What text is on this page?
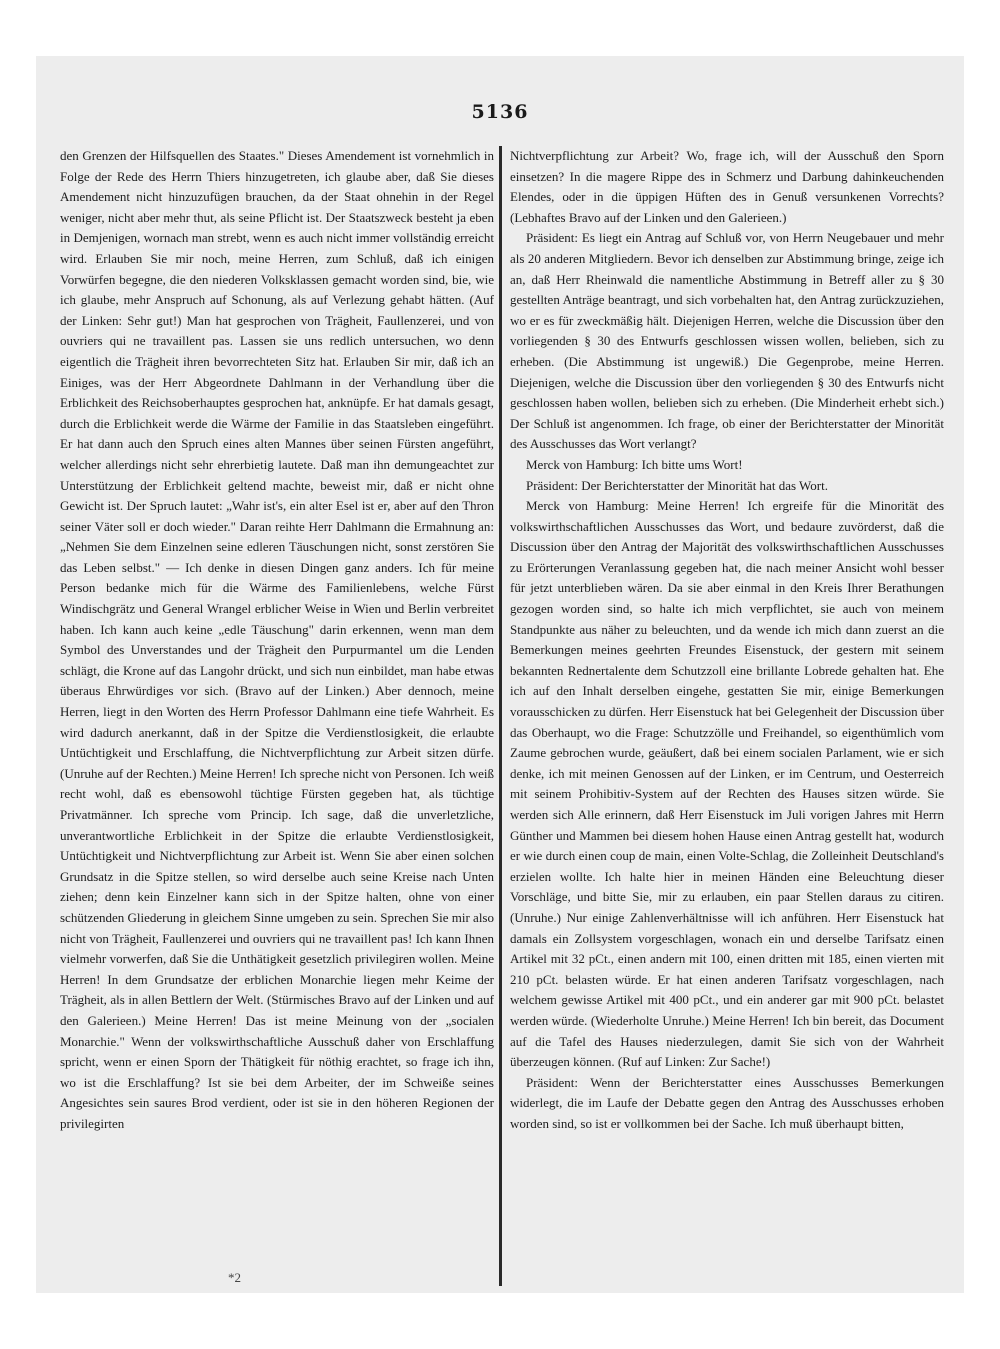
5136

den Grenzen der Hilfsquellen des Staates." Dieses Amendement ist vornehmlich in Folge der Rede des Herrn Thiers hinzugetreten, ich glaube aber, daß Sie dieses Amendement nicht hinzuzufügen brauchen, da der Staat ohnehin in der Regel weniger, nicht aber mehr thut, als seine Pflicht ist. Der Staatszweck besteht ja eben in Demjenigen, wornach man strebt, wenn es auch nicht immer vollständig erreicht wird. Erlauben Sie mir noch, meine Herren, zum Schluß, daß ich einigen Vorwürfen begegne, die den niederen Volksklassen gemacht worden sind, bie, wie ich glaube, mehr Anspruch auf Schonung, als auf Verlezung gehabt hätten. (Auf der Linken: Sehr gut!) Man hat gesprochen von Trägheit, Faullenzerei, und von ouvriers qui ne travaillent pas. Lassen sie uns redlich untersuchen, wo denn eigentlich die Trägheit ihren bevorrechteten Sitz hat. Erlauben Sir mir, daß ich an Einiges, was der Herr Abgeordnete Dahlmann in der Verhandlung über die Erblichkeit des Reichsoberhauptes gesprochen hat, anknüpfe. Er hat damals gesagt, durch die Erblichkeit werde die Wärme der Familie in das Staatsleben eingeführt. Er hat dann auch den Spruch eines alten Mannes über seinen Fürsten angeführt, welcher allerdings nicht sehr ehrerbietig lautete. Daß man ihn demungeachtet zur Unterstützung der Erblichkeit geltend machte, beweist mir, daß er nicht ohne Gewicht ist. Der Spruch lautet: „Wahr ist's, ein alter Esel ist er, aber auf den Thron seiner Väter soll er doch wieder." Daran reihte Herr Dahlmann die Ermahnung an: „Nehmen Sie dem Einzelnen seine edleren Täuschungen nicht, sonst zerstören Sie das Leben selbst." — Ich denke in diesen Dingen ganz anders. Ich für meine Person bedanke mich für die Wärme des Familienlebens, welche Fürst Windischgrätz und General Wrangel erblicher Weise in Wien und Berlin verbreitet haben. Ich kann auch keine „edle Täuschung" darin erkennen, wenn man dem Symbol des Unverstandes und der Trägheit den Purpurmantel um die Lenden schlägt, die Krone auf das Langohr drückt, und sich nun einbildet, man habe etwas überaus Ehrwürdiges vor sich. (Bravo auf der Linken.) Aber dennoch, meine Herren, liegt in den Worten des Herrn Professor Dahlmann eine tiefe Wahrheit. Es wird dadurch anerkannt, daß in der Spitze die Verdienstlosigkeit, die erlaubte Untüchtigkeit und Erschlaffung, die Nichtverpflichtung zur Arbeit sitzen dürfe. (Unruhe auf der Rechten.) Meine Herren! Ich spreche nicht von Personen. Ich weiß recht wohl, daß es ebensowohl tüchtige Fürsten gegeben hat, als tüchtige Privatmänner. Ich spreche vom Princip. Ich sage, daß die unverletzliche, unverantwortliche Erblichkeit in der Spitze die erlaubte Verdienstlosigkeit, Untüchtigkeit und Nichtverpflichtung zur Arbeit ist. Wenn Sie aber einen solchen Grundsatz in die Spitze stellen, so wird derselbe auch seine Kreise nach Unten ziehen; denn kein Einzelner kann sich in der Spitze halten, ohne von einer schützenden Gliederung in gleichem Sinne umgeben zu sein. Sprechen Sie mir also nicht von Trägheit, Faullenzerei und ouvriers qui ne travaillent pas! Ich kann Ihnen vielmehr vorwerfen, daß Sie die Unthätigkeit gesetzlich privilegiren wollen. Meine Herren! In dem Grundsatze der erblichen Monarchie liegen mehr Keime der Trägheit, als in allen Bettlern der Welt. (Stürmisches Bravo auf der Linken und auf den Galerieen.) Meine Herren! Das ist meine Meinung von der „socialen Monarchie." Wenn der volkswirthschaftliche Ausschuß daher von Erschlaffung spricht, wenn er einen Sporn der Thätigkeit für nöthig erachtet, so frage ich ihn, wo ist die Erschlaffung? Ist sie bei dem Arbeiter, der im Schweiße seines Angesichtes sein saures Brod verdient, oder ist sie in den höheren Regionen der privilegirten

Nichtverpflichtung zur Arbeit? Wo, frage ich, will der Ausschuß den Sporn einsetzen? In die magere Rippe des in Schmerz und Darbung dahinkeuchenden Elendes, oder in die üppigen Hüften des in Genuß versunkenen Vorrechts? (Lebhaftes Bravo auf der Linken und den Galerieen.)

Präsident: Es liegt ein Antrag auf Schluß vor, von Herrn Neugebauer und mehr als 20 anderen Mitgliedern. Bevor ich denselben zur Abstimmung bringe, zeige ich an, daß Herr Rheinwald die namentliche Abstimmung in Betreff aller zu § 30 gestellten Anträge beantragt, und sich vorbehalten hat, den Antrag zurückzuziehen, wo er es für zweckmäßig hält. Diejenigen Herren, welche die Discussion über den vorliegenden § 30 des Entwurfs geschlossen wissen wollen, belieben, sich zu erheben. (Die Abstimmung ist ungewiß.) Die Gegenprobe, meine Herren. Diejenigen, welche die Discussion über den vorliegenden § 30 des Entwurfs nicht geschlossen haben wollen, belieben sich zu erheben. (Die Minderheit erhebt sich.) Der Schluß ist angenommen. Ich frage, ob einer der Berichterstatter der Minorität des Ausschusses das Wort verlangt?

Merck von Hamburg: Ich bitte ums Wort!

Präsident: Der Berichterstatter der Minorität hat das Wort.

Merck von Hamburg: Meine Herren! Ich ergreife für die Minorität des volkswirthschaftlichen Ausschusses das Wort, und bedaure zuvörderst, daß die Discussion über den Antrag der Majorität des volkswirthschaftlichen Ausschusses zu Erörterungen Veranlassung gegeben hat, die nach meiner Ansicht wohl besser für jetzt unterblieben wären. Da sie aber einmal in den Kreis Ihrer Berathungen gezogen worden sind, so halte ich mich verpflichtet, sie auch von meinem Standpunkte aus näher zu beleuchten, und da wende ich mich dann zuerst an die Bemerkungen meines geehrten Freundes Eisenstuck, der gestern mit seinem bekannten Rednertalente dem Schutzzoll eine brillante Lobrede gehalten hat. Ehe ich auf den Inhalt derselben eingehe, gestatten Sie mir, einige Bemerkungen vorausschicken zu dürfen. Herr Eisenstuck hat bei Gelegenheit der Discussion über das Oberhaupt, wo die Frage: Schutzzölle und Freihandel, so eigenthümlich vom Zaume gebrochen wurde, geäußert, daß bei einem socialen Parlament, wie er sich denke, ich mit meinen Genossen auf der Linken, er im Centrum, und Oesterreich mit seinem Prohibitiv-System auf der Rechten des Hauses sitzen würde. Sie werden sich Alle erinnern, daß Herr Eisenstuck im Juli vorigen Jahres mit Herrn Günther und Mammen bei diesem hohen Hause einen Antrag gestellt hat, wodurch er wie durch einen coup de main, einen Volte-Schlag, die Zolleinheit Deutschland's erzielen wollte. Ich halte hier in meinen Händen eine Beleuchtung dieser Vorschläge, und bitte Sie, mir zu erlauben, ein paar Stellen daraus zu citiren. (Unruhe.) Nur einige Zahlenverhältnisse will ich anführen. Herr Eisenstuck hat damals ein Zollsystem vorgeschlagen, wonach ein und derselbe Tarifsatz einen Artikel mit 32 pCt., einen andern mit 100, einen dritten mit 185, einen vierten mit 210 pCt. belasten würde. Er hat einen anderen Tarifsatz vorgeschlagen, nach welchem gewisse Artikel mit 400 pCt., und ein anderer gar mit 900 pCt. belastet werden würde. (Wiederholte Unruhe.) Meine Herren! Ich bin bereit, das Document auf die Tafel des Hauses niederzulegen, damit Sie sich von der Wahrheit überzeugen können. (Ruf auf Linken: Zur Sache!)

Präsident: Wenn der Berichterstatter eines Ausschusses Bemerkungen widerlegt, die im Laufe der Debatte gegen den Antrag des Ausschusses erhoben worden sind, so ist er vollkommen bei der Sache. Ich muß überhaupt bitten,

*2
